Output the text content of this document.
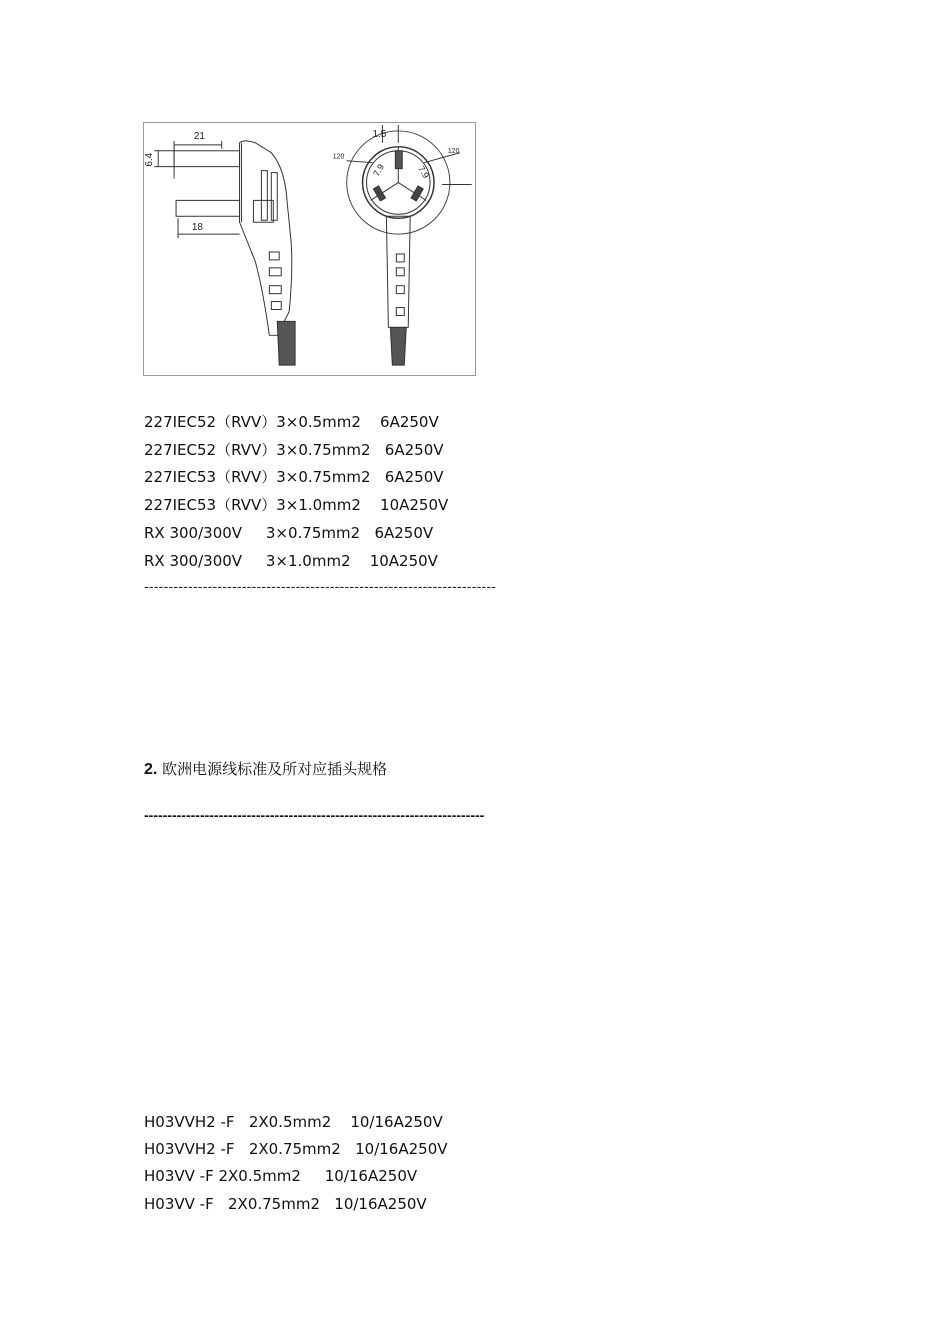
21
6.4
18
1.5
120
120
7.9	7.9
227IEC52（RVV）3×0.5mm2    6A250V
227IEC52（RVV）3×0.75mm2   6A250V
227IEC53（RVV）3×0.75mm2   6A250V
227IEC53（RVV）3×1.0mm2    10A250V
RX 300/300V     3×0.75mm2   6A250V
RX 300/300V     3×1.0mm2    10A250V
------------------------------------------------------------------------
2. 欧洲电源线标准及所对应插头规格
-------------------------------------------------------------------------
H03VVH2 -F   2X0.5mm2    10/16A250V
H03VVH2 -F   2X0.75mm2   10/16A250V
H03VV -F 2X0.5mm2     10/16A250V
H03VV -F   2X0.75mm2   10/16A250V
